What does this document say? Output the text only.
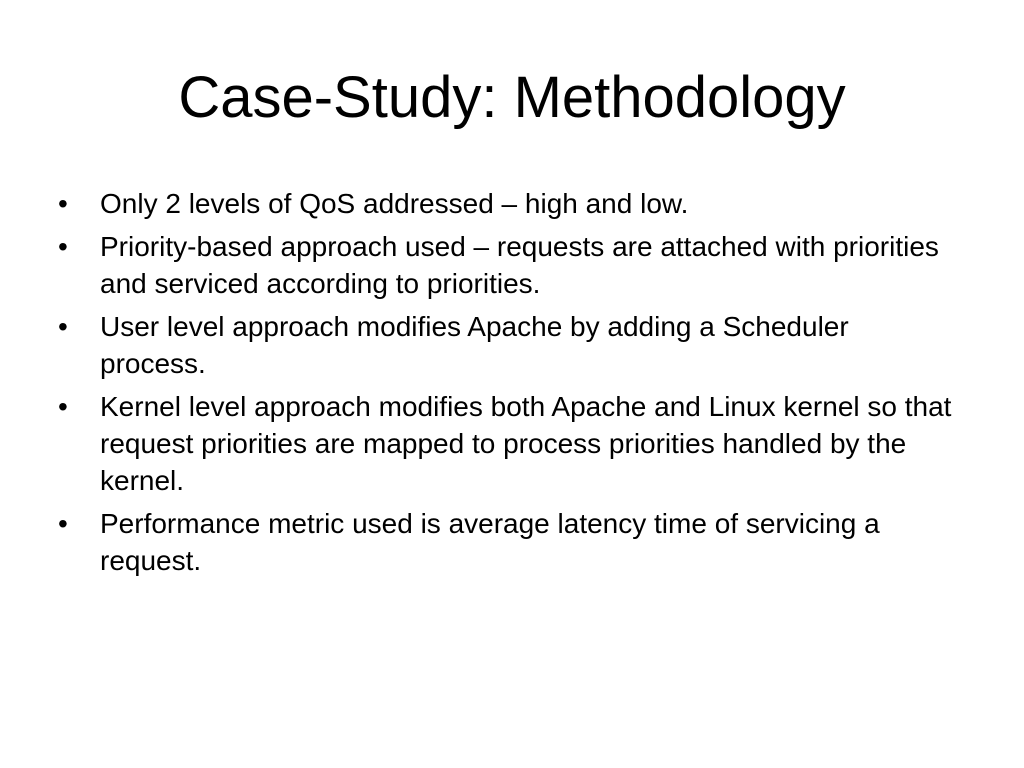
Case-Study: Methodology
•	Only 2 levels of QoS addressed – high and low.
•	Priority-based approach used – requests are attached with priorities and serviced according to priorities.
•	User level approach modifies Apache by adding a Scheduler process.
•	Kernel level approach modifies both Apache and Linux kernel so that request priorities are mapped to process priorities handled by the kernel.
•	Performance metric used is average latency time of servicing a request.
